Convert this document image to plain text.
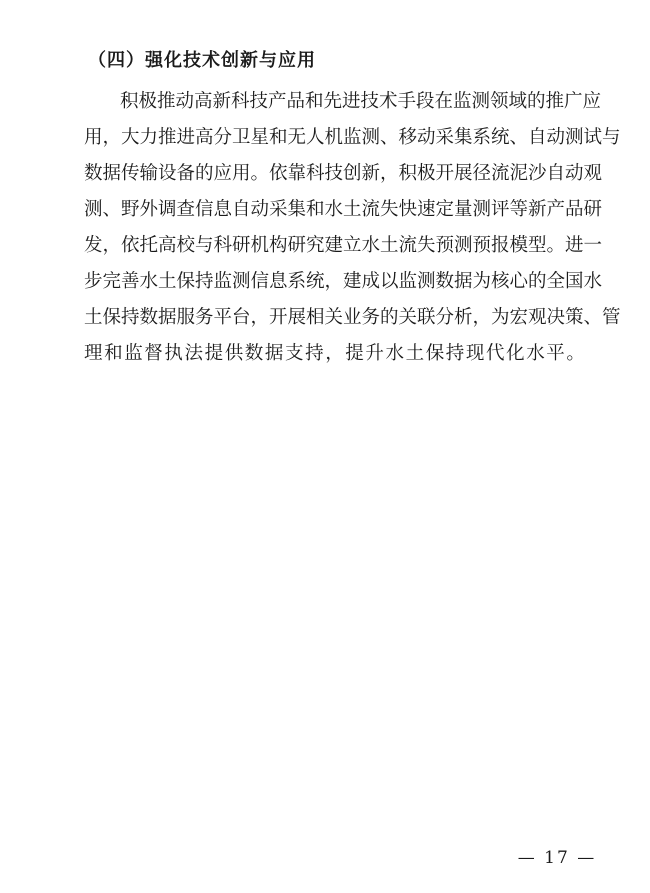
（四）强化技术创新与应用
积极推动高新科技产品和先进技术手段在监测领域的推广应
用，大力推进高分卫星和无人机监测、移动采集系统、自动测试与
数据传输设备的应用。依靠科技创新，积极开展径流泥沙自动观
测、野外调查信息自动采集和水土流失快速定量测评等新产品研
发，依托高校与科研机构研究建立水土流失预测预报模型。进一
步完善水土保持监测信息系统，建成以监测数据为核心的全国水
土保持数据服务平台，开展相关业务的关联分析，为宏观决策、管
理和监督执法提供数据支持，提升水土保持现代化水平。
— 17 —
